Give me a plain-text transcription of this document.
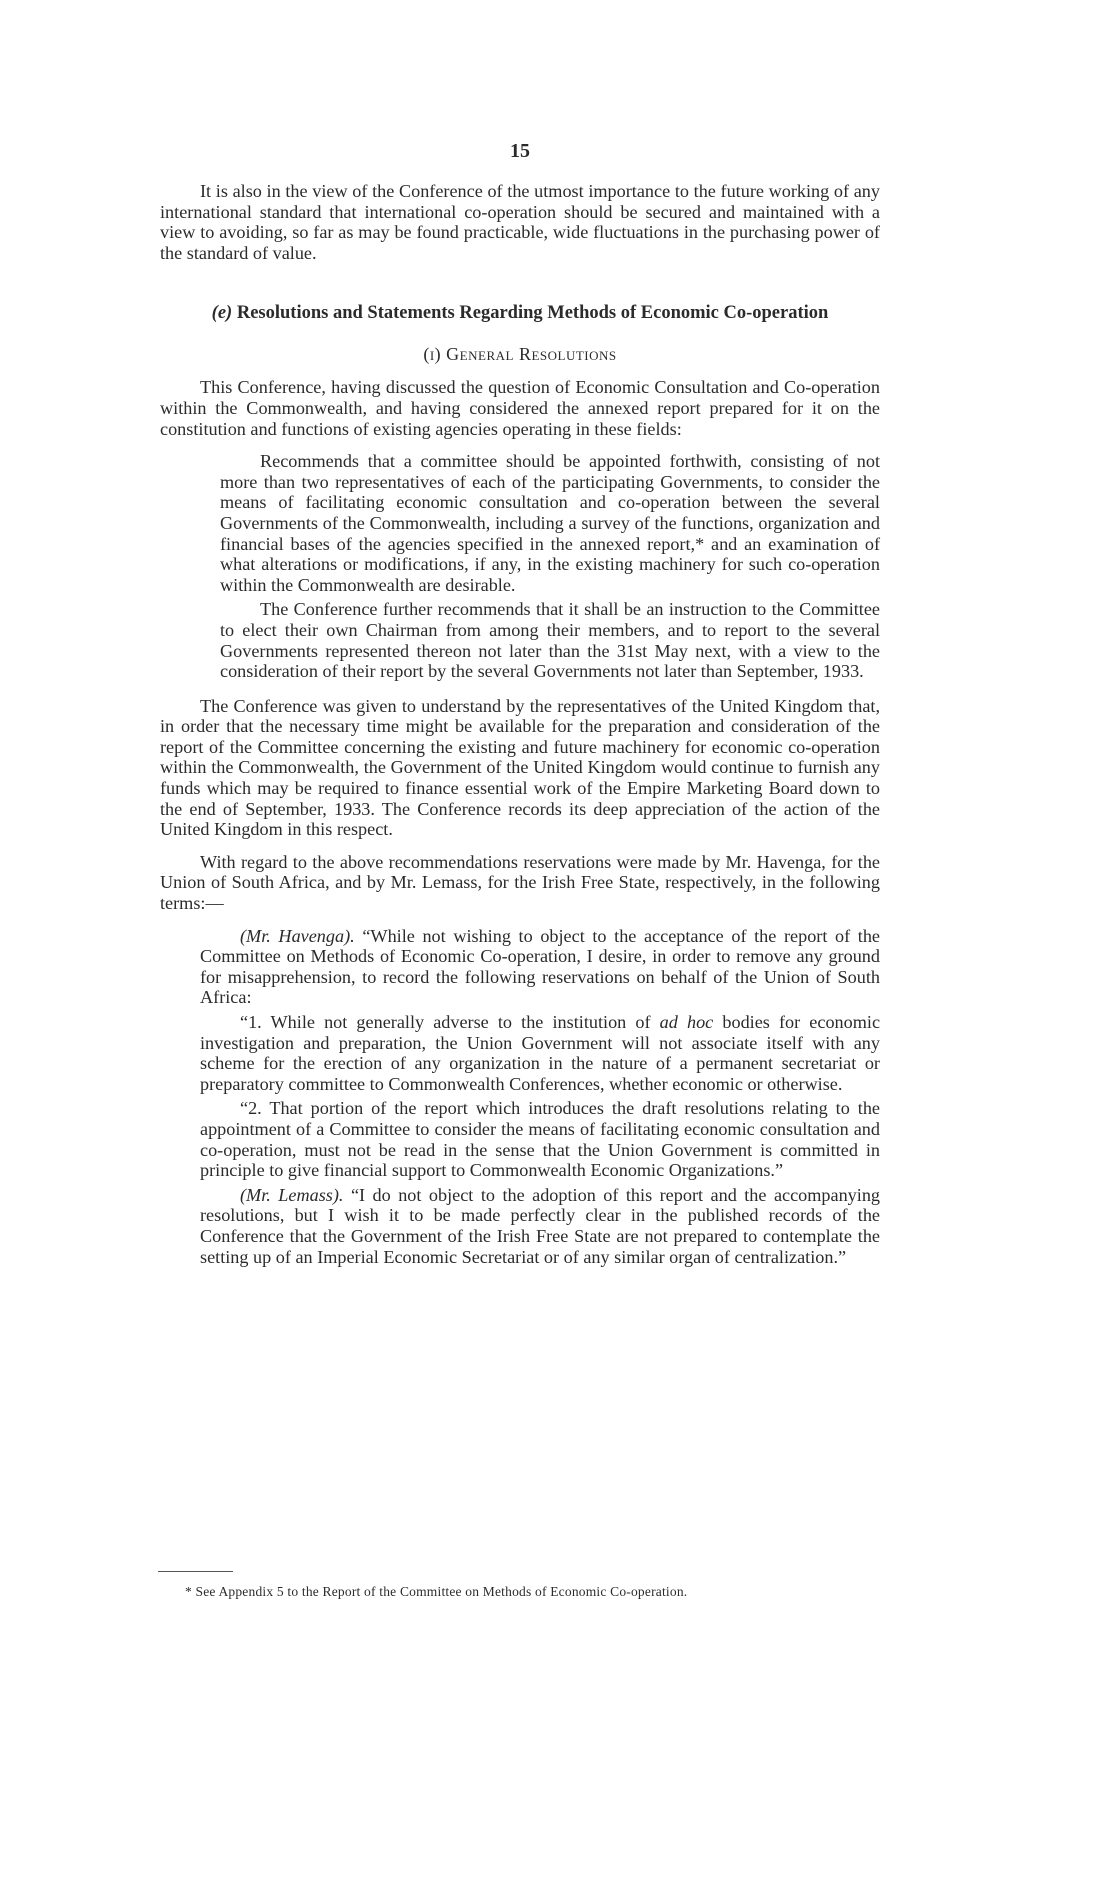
15

It is also in the view of the Conference of the utmost importance to the future working of any international standard that international co-operation should be secured and maintained with a view to avoiding, so far as may be found practicable, wide fluctuations in the purchasing power of the standard of value.

(e) Resolutions and Statements Regarding Methods of Economic Co-operation
(i) General Resolutions

This Conference, having discussed the question of Economic Consultation and Co-operation within the Commonwealth, and having considered the annexed report prepared for it on the constitution and functions of existing agencies operating in these fields:

Recommends that a committee should be appointed forthwith, consisting of not more than two representatives of each of the participating Governments, to consider the means of facilitating economic consultation and co-operation between the several Governments of the Commonwealth, including a survey of the functions, organization and financial bases of the agencies specified in the annexed report,* and an examination of what alterations or modifications, if any, in the existing machinery for such co-operation within the Commonwealth are desirable.

The Conference further recommends that it shall be an instruction to the Committee to elect their own Chairman from among their members, and to report to the several Governments represented thereon not later than the 31st May next, with a view to the consideration of their report by the several Governments not later than September, 1933.

The Conference was given to understand by the representatives of the United Kingdom that, in order that the necessary time might be available for the preparation and consideration of the report of the Committee concerning the existing and future machinery for economic co-operation within the Commonwealth, the Government of the United Kingdom would continue to furnish any funds which may be required to finance essential work of the Empire Marketing Board down to the end of September, 1933. The Conference records its deep appreciation of the action of the United Kingdom in this respect.

With regard to the above recommendations reservations were made by Mr. Havenga, for the Union of South Africa, and by Mr. Lemass, for the Irish Free State, respectively, in the following terms:—

(Mr. Havenga). “While not wishing to object to the acceptance of the report of the Committee on Methods of Economic Co-operation, I desire, in order to remove any ground for misapprehension, to record the following reservations on behalf of the Union of South Africa:

“1. While not generally adverse to the institution of ad hoc bodies for economic investigation and preparation, the Union Government will not associate itself with any scheme for the erection of any organization in the nature of a permanent secretariat or preparatory committee to Commonwealth Conferences, whether economic or otherwise.

“2. That portion of the report which introduces the draft resolutions relating to the appointment of a Committee to consider the means of facilitating economic consultation and co-operation, must not be read in the sense that the Union Government is committed in principle to give financial support to Commonwealth Economic Organizations.”

(Mr. Lemass). “I do not object to the adoption of this report and the accompanying resolutions, but I wish it to be made perfectly clear in the published records of the Conference that the Government of the Irish Free State are not prepared to contemplate the setting up of an Imperial Economic Secretariat or of any similar organ of centralization.”

* See Appendix 5 to the Report of the Committee on Methods of Economic Co-operation.
